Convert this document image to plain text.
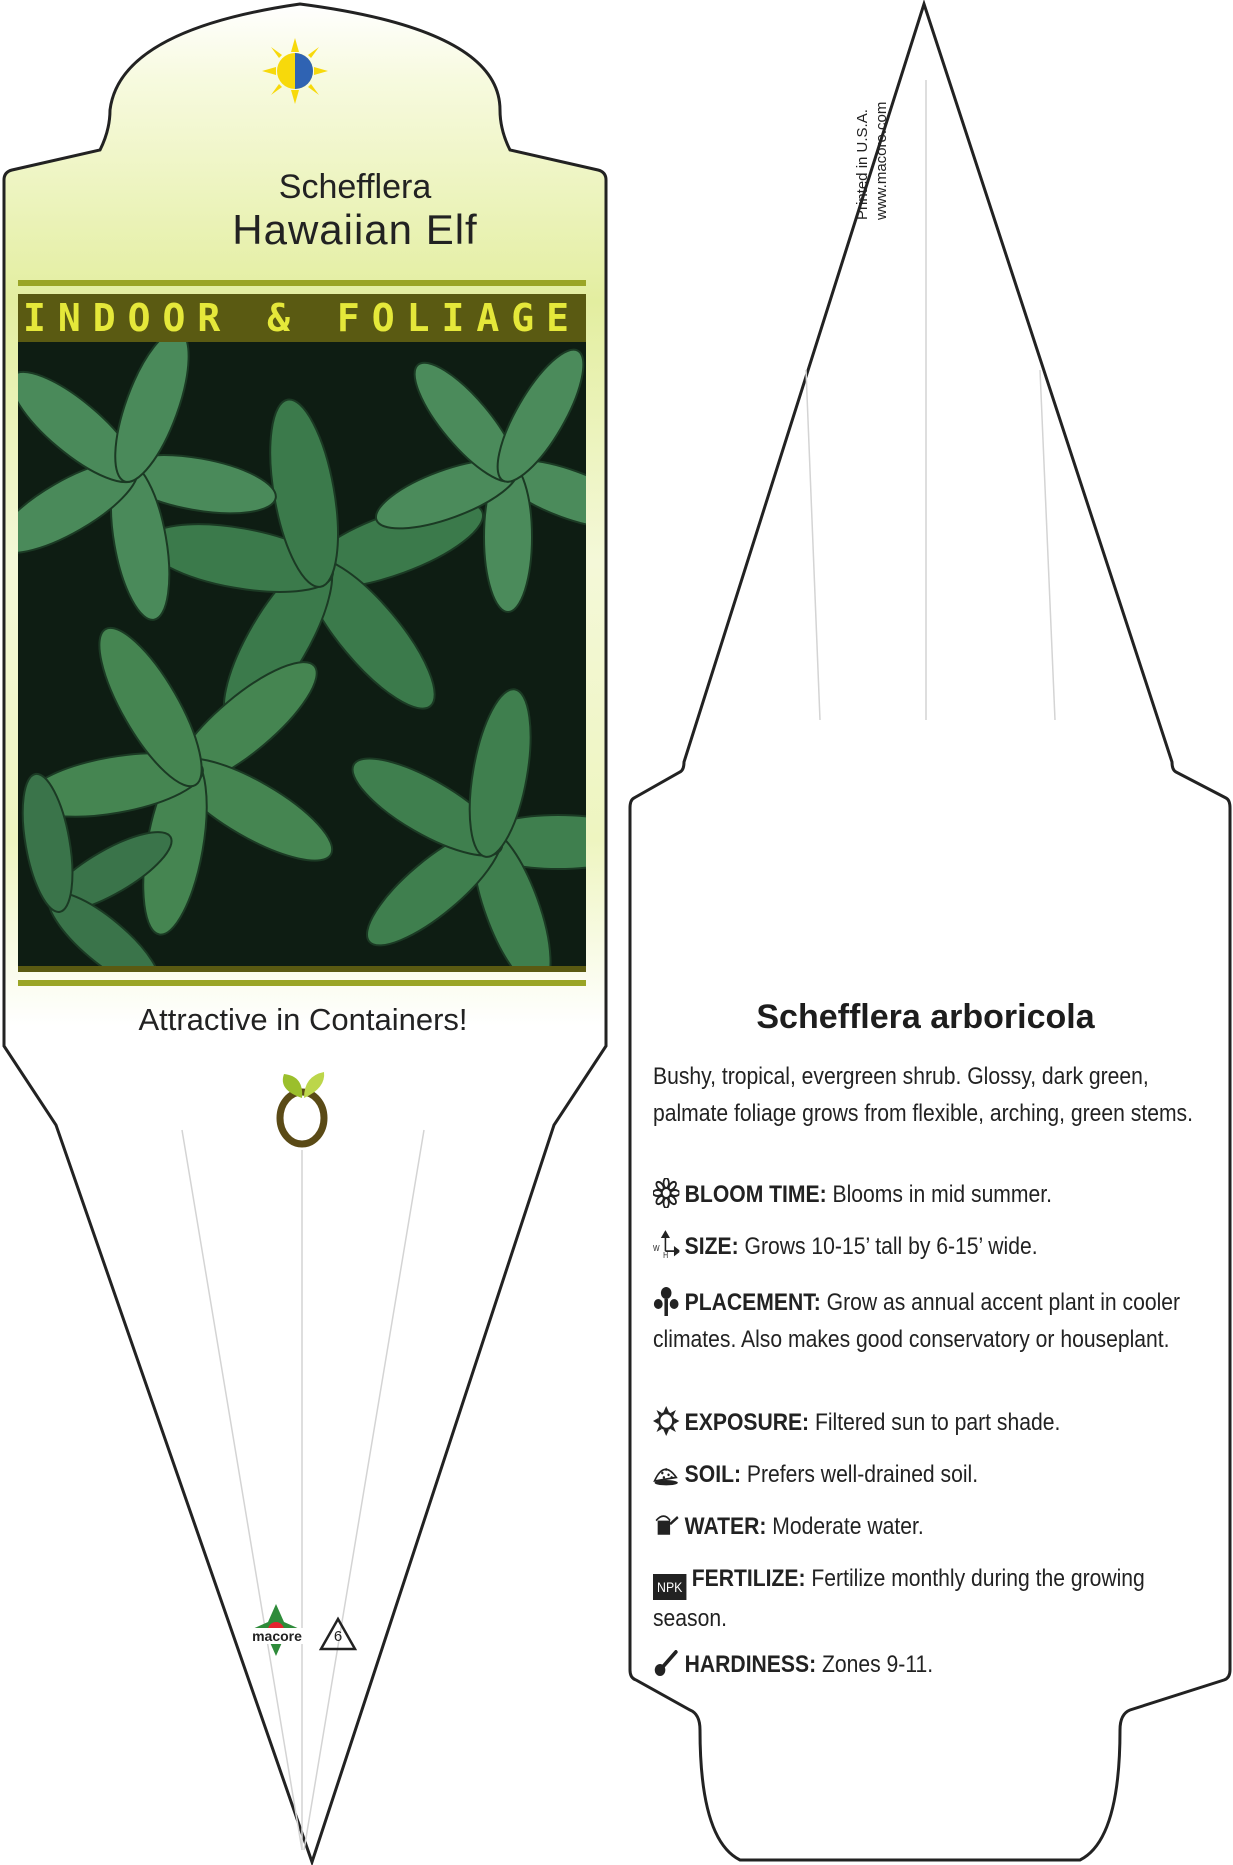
Schefflera
Hawaiian Elf
INDOOR & FOLIAGE
Attractive in Containers!
macore	6
Printed in U.S.A. www.macore.com
Schefflera arboricola
Bushy, tropical, evergreen shrub. Glossy, dark green, palmate foliage grows from flexible, arching, green stems.
BLOOM TIME: Blooms in mid summer.
W
H SIZE: Grows 10-15’ tall by 6-15’ wide.
PLACEMENT: Grow as annual accent plant in cooler climates. Also makes good conservatory or houseplant.
EXPOSURE: Filtered sun to part shade.
SOIL: Prefers well-drained soil.
WATER: Moderate water.
NPK FERTILIZE: Fertilize monthly during the growing season.
HARDINESS: Zones 9-11.
